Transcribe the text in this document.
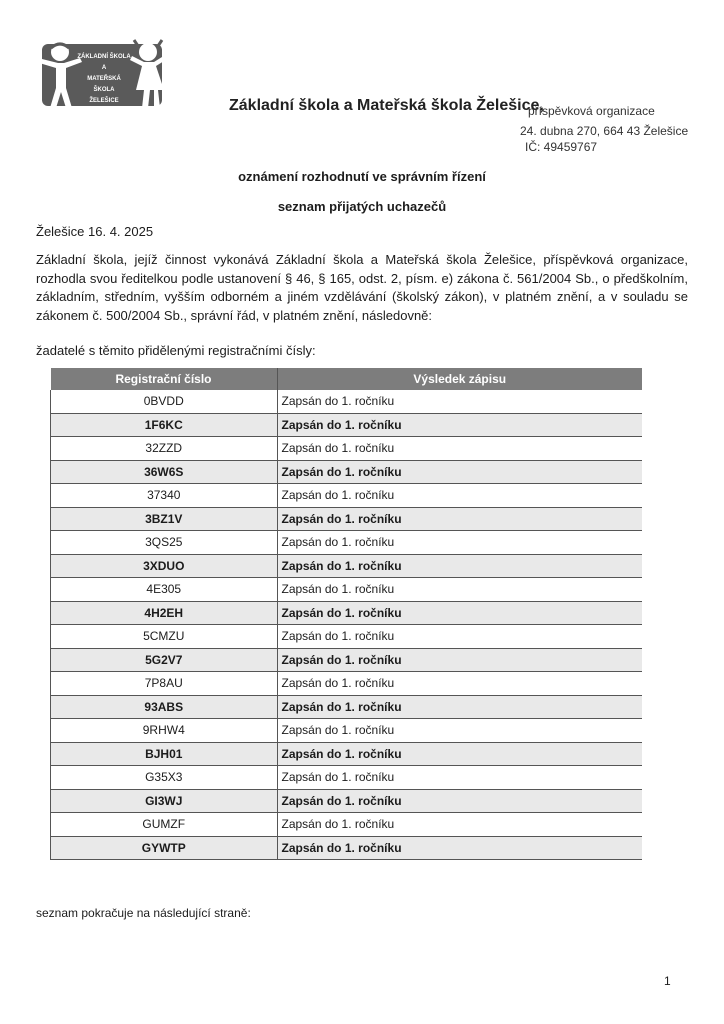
ZÁKLADNÍ ŠKOLA
A
MATEŘSKÁ ŠKOLA
ŽELEŠICE	Základní škola a Mateřská škola Želešice,
příspěvková organizace
24. dubna 270, 664 43 Želešice
IČ: 49459767
oznámení rozhodnutí ve správním řízení
seznam přijatých uchazečů
Želešice 16. 4. 2025
Základní škola, jejíž činnost vykonává Základní škola a Mateřská škola Želešice, příspěvková organizace, rozhodla svou ředitelkou podle ustanovení § 46, § 165, odst. 2, písm. e) zákona č. 561/2004 Sb., o předškolním, základním, středním, vyšším odborném a jiném vzdělávání (školský zákon), v platném znění, a v souladu se zákonem č. 500/2004 Sb., správní řád, v platném znění, následovně:
žadatelé s těmito přidělenými registračními čísly:
Registrační číslo	Výsledek zápisu
0BVDD	Zapsán do 1. ročníku
1F6KC	Zapsán do 1. ročníku
32ZZD	Zapsán do 1. ročníku
36W6S	Zapsán do 1. ročníku
37340	Zapsán do 1. ročníku
3BZ1V	Zapsán do 1. ročníku
3QS25	Zapsán do 1. ročníku
3XDUO	Zapsán do 1. ročníku
4E305	Zapsán do 1. ročníku
4H2EH	Zapsán do 1. ročníku
5CMZU	Zapsán do 1. ročníku
5G2V7	Zapsán do 1. ročníku
7P8AU	Zapsán do 1. ročníku
93ABS	Zapsán do 1. ročníku
9RHW4	Zapsán do 1. ročníku
BJH01	Zapsán do 1. ročníku
G35X3	Zapsán do 1. ročníku
GI3WJ	Zapsán do 1. ročníku
GUMZF	Zapsán do 1. ročníku
GYWTP	Zapsán do 1. ročníku
seznam pokračuje na následující straně:
1
